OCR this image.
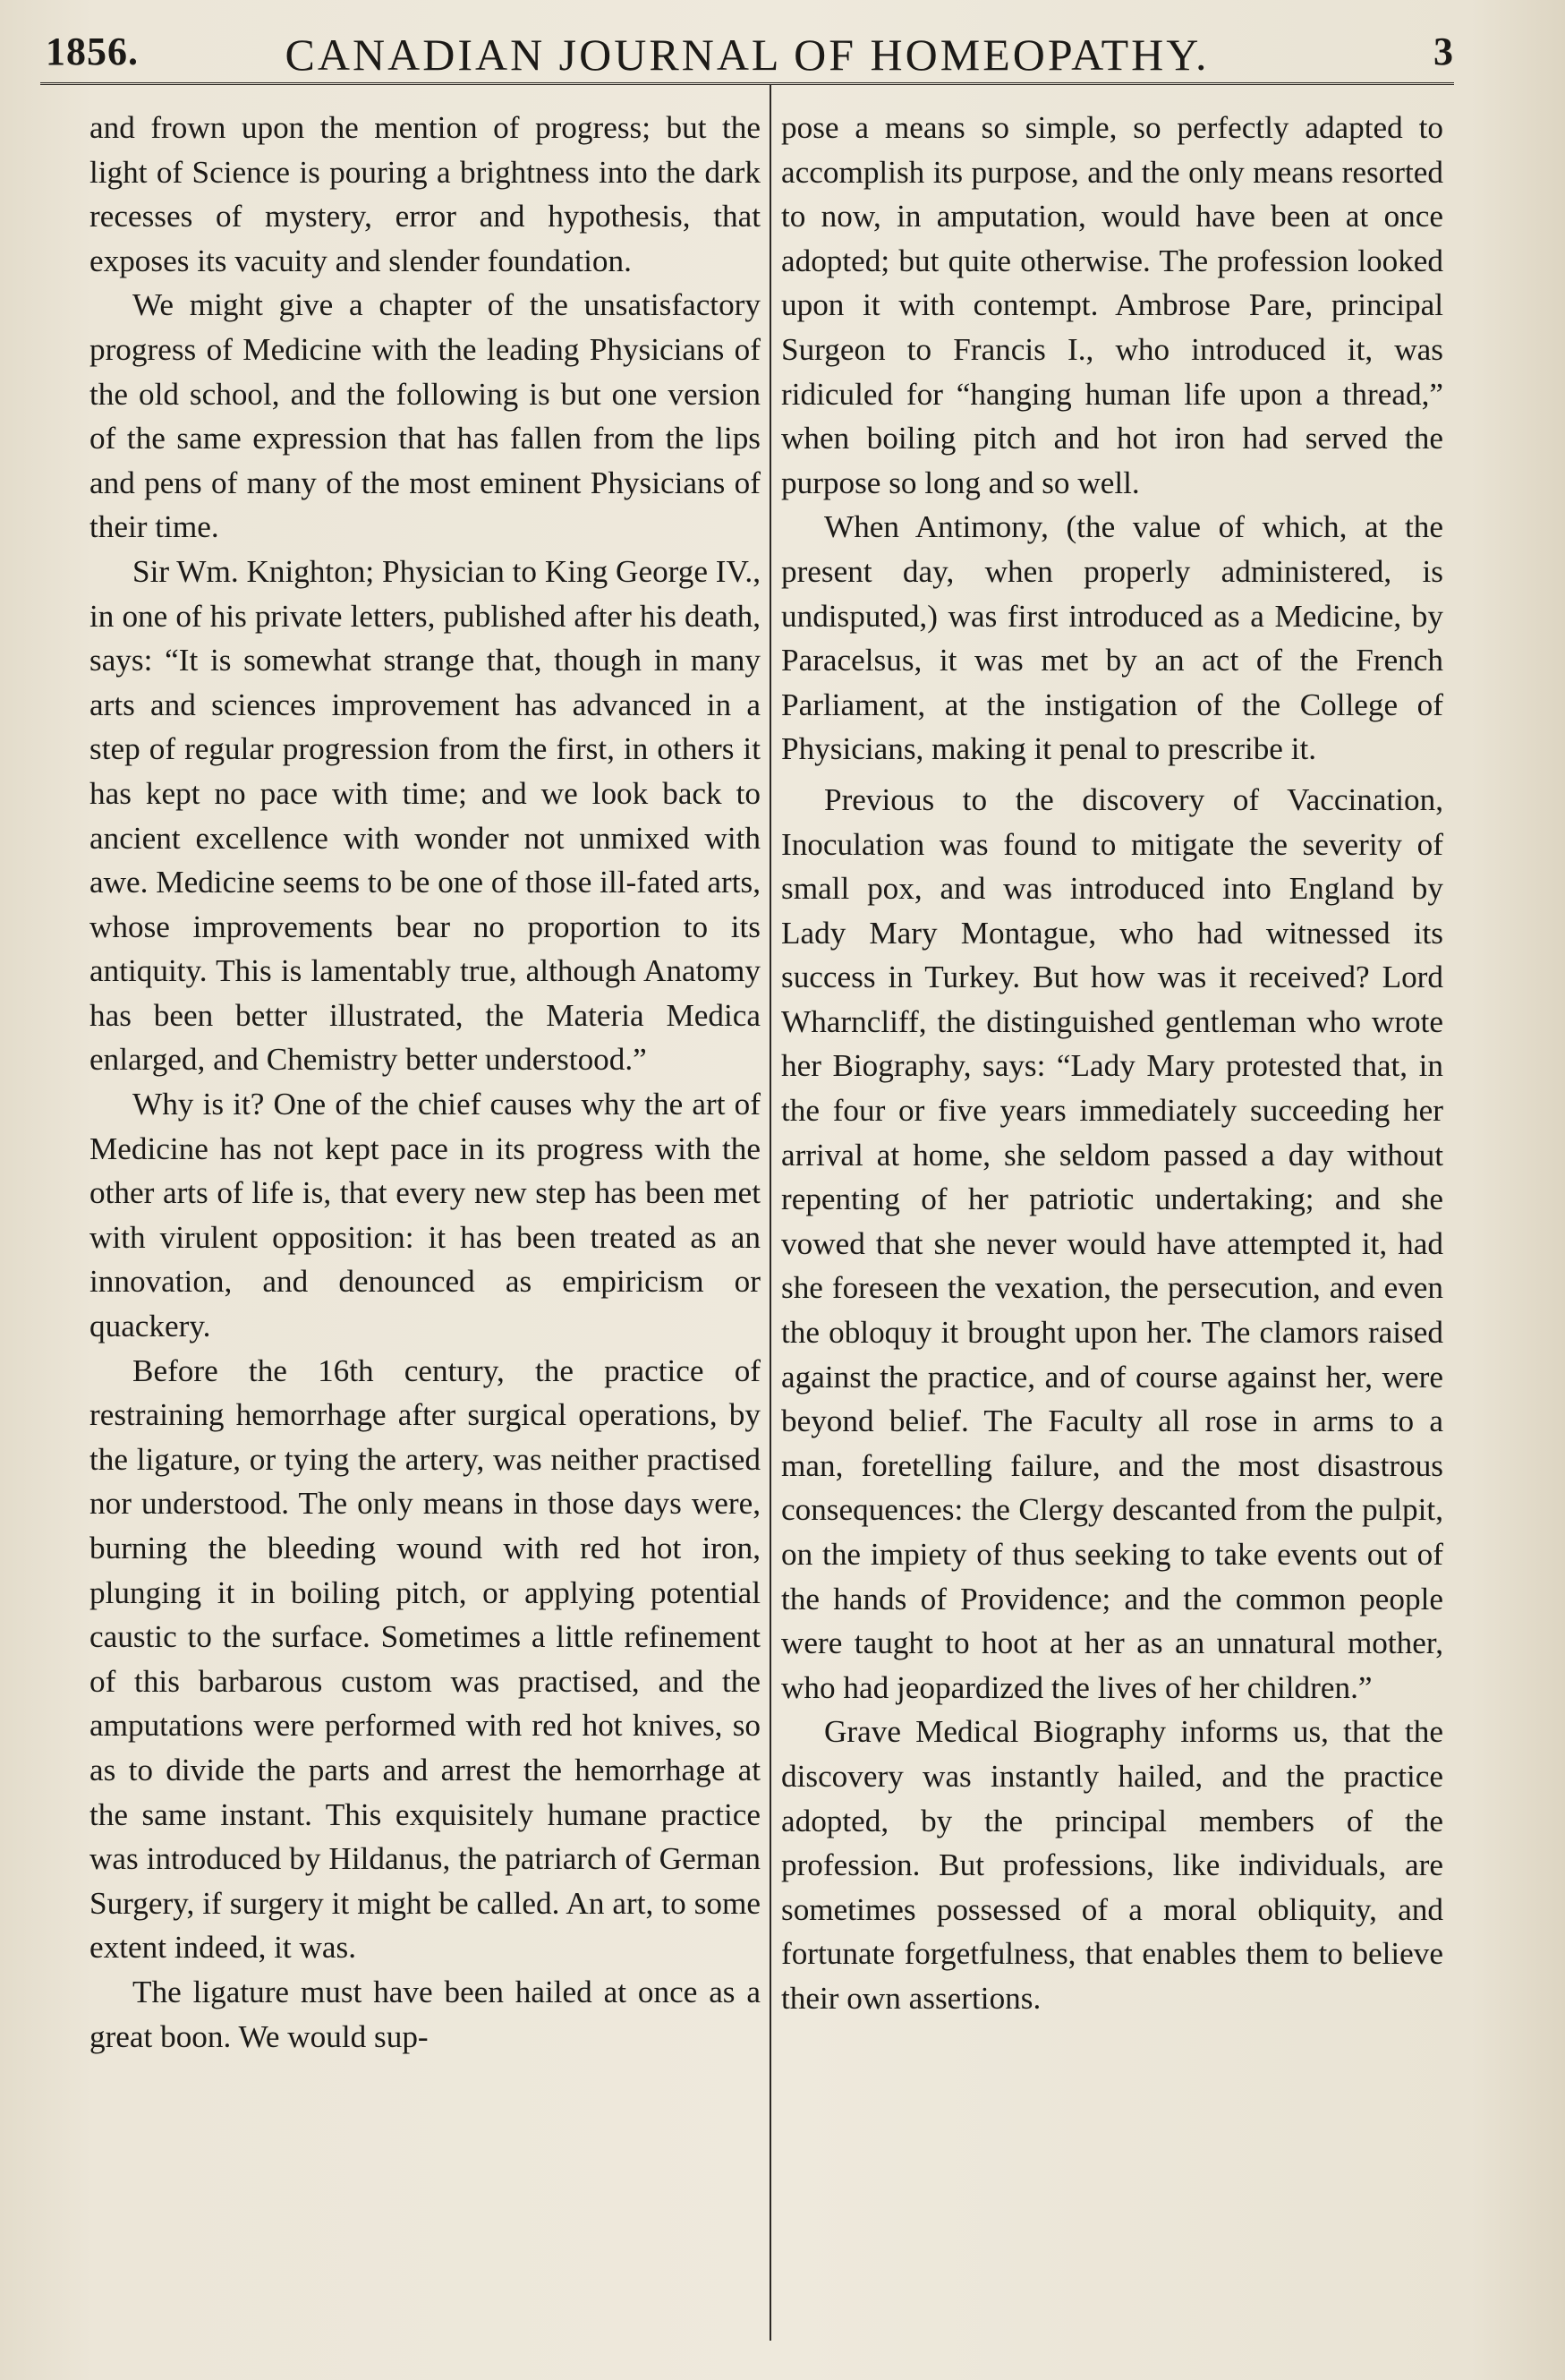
1856.	CANADIAN JOURNAL OF HOMEOPATHY.	3

and frown upon the mention of progress; but the light of Science is pouring a brightness into the dark recesses of mystery, error and hypothesis, that exposes its vacuity and slender foundation.

We might give a chapter of the unsatisfactory progress of Medicine with the leading Physicians of the old school, and the following is but one version of the same expression that has fallen from the lips and pens of many of the most eminent Physicians of their time.

Sir Wm. Knighton; Physician to King George IV., in one of his private letters, published after his death, says: “It is somewhat strange that, though in many arts and sciences improvement has advanced in a step of regular progression from the first, in others it has kept no pace with time; and we look back to ancient excellence with wonder not unmixed with awe. Medicine seems to be one of those ill-fated arts, whose improvements bear no proportion to its antiquity. This is lamentably true, although Anatomy has been better illustrated, the Materia Medica enlarged, and Chemistry better understood.”

Why is it? One of the chief causes why the art of Medicine has not kept pace in its progress with the other arts of life is, that every new step has been met with virulent opposition: it has been treated as an innovation, and denounced as empiricism or quackery.

Before the 16th century, the practice of restraining hemorrhage after surgical operations, by the ligature, or tying the artery, was neither practised nor understood. The only means in those days were, burning the bleeding wound with red hot iron, plunging it in boiling pitch, or applying potential caustic to the surface. Sometimes a little refinement of this barbarous custom was practised, and the amputations were performed with red hot knives, so as to divide the parts and arrest the hemorrhage at the same instant. This exquisitely humane practice was introduced by Hildanus, the patriarch of German Surgery, if surgery it might be called. An art, to some extent indeed, it was.

The ligature must have been hailed at once as a great boon. We would sup-

pose a means so simple, so perfectly adapted to accomplish its purpose, and the only means resorted to now, in amputation, would have been at once adopted; but quite otherwise. The profession looked upon it with contempt. Ambrose Pare, principal Surgeon to Francis I., who introduced it, was ridiculed for “hanging human life upon a thread,” when boiling pitch and hot iron had served the purpose so long and so well.

When Antimony, (the value of which, at the present day, when properly administered, is undisputed,) was first introduced as a Medicine, by Paracelsus, it was met by an act of the French Parliament, at the instigation of the College of Physicians, making it penal to prescribe it.

Previous to the discovery of Vaccination, Inoculation was found to mitigate the severity of small pox, and was introduced into England by Lady Mary Montague, who had witnessed its success in Turkey. But how was it received? Lord Wharncliff, the distinguished gentleman who wrote her Biography, says: “Lady Mary protested that, in the four or five years immediately succeeding her arrival at home, she seldom passed a day without repenting of her patriotic undertaking; and she vowed that she never would have attempted it, had she foreseen the vexation, the persecution, and even the obloquy it brought upon her. The clamors raised against the practice, and of course against her, were beyond belief. The Faculty all rose in arms to a man, foretelling failure, and the most disastrous consequences: the Clergy descanted from the pulpit, on the impiety of thus seeking to take events out of the hands of Providence; and the common people were taught to hoot at her as an unnatural mother, who had jeopardized the lives of her children.”

Grave Medical Biography informs us, that the discovery was instantly hailed, and the practice adopted, by the principal members of the profession. But professions, like individuals, are sometimes possessed of a moral obliquity, and fortunate forgetfulness, that enables them to believe their own assertions.
